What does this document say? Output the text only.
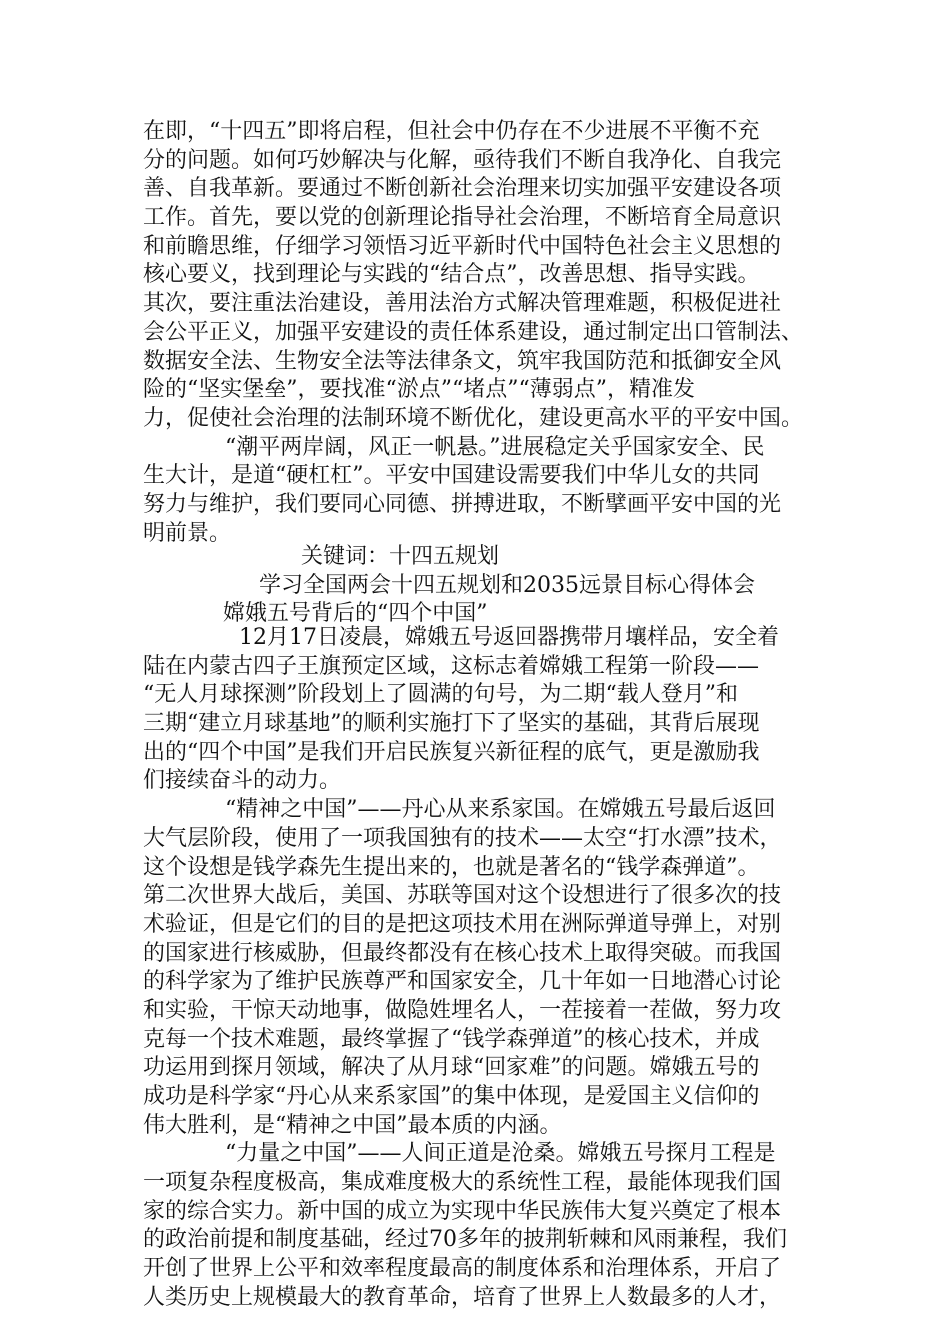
在即，“十四五”即将启程，但社会中仍存在不少进展不平衡不充
分的问题。如何巧妙解决与化解，亟待我们不断自我净化、自我完
善、自我革新。要通过不断创新社会治理来切实加强平安建设各项
工作。首先，要以党的创新理论指导社会治理，不断培育全局意识
和前瞻思维，仔细学习领悟习近平新时代中国特色社会主义思想的
核心要义，找到理论与实践的“结合点”，改善思想、指导实践。
其次，要注重法治建设，善用法治方式解决管理难题，积极促进社
会公平正义，加强平安建设的责任体系建设，通过制定出口管制法、
数据安全法、生物安全法等法律条文，筑牢我国防范和抵御安全风
险的“坚实堡垒”，要找准“淤点”“堵点”“薄弱点”，精准发
力，促使社会治理的法制环境不断优化，建设更高水平的平安中国。
“潮平两岸阔，风正一帆悬。”进展稳定关乎国家安全、民
生大计，是道“硬杠杠”。平安中国建设需要我们中华儿女的共同
努力与维护，我们要同心同德、拼搏进取，不断擘画平安中国的光
明前景。
关键词：十四五规划
学习全国两会十四五规划和2035远景目标心得体会
嫦娥五号背后的“四个中国”
12月17日凌晨，嫦娥五号返回器携带月壤样品，安全着
陆在内蒙古四子王旗预定区域，这标志着嫦娥工程第一阶段——
“无人月球探测”阶段划上了圆满的句号，为二期“载人登月”和
三期“建立月球基地”的顺利实施打下了坚实的基础，其背后展现
出的“四个中国”是我们开启民族复兴新征程的底气，更是激励我
们接续奋斗的动力。
“精神之中国”——丹心从来系家国。在嫦娥五号最后返回
大气层阶段，使用了一项我国独有的技术——太空“打水漂”技术，
这个设想是钱学森先生提出来的，也就是著名的“钱学森弹道”。
第二次世界大战后，美国、苏联等国对这个设想进行了很多次的技
术验证，但是它们的目的是把这项技术用在洲际弹道导弹上，对别
的国家进行核威胁，但最终都没有在核心技术上取得突破。而我国
的科学家为了维护民族尊严和国家安全，几十年如一日地潜心讨论
和实验，干惊天动地事，做隐姓埋名人，一茬接着一茬做，努力攻
克每一个技术难题，最终掌握了“钱学森弹道”的核心技术，并成
功运用到探月领域，解决了从月球“回家难”的问题。嫦娥五号的
成功是科学家“丹心从来系家国”的集中体现，是爱国主义信仰的
伟大胜利，是“精神之中国”最本质的内涵。
“力量之中国”——人间正道是沧桑。嫦娥五号探月工程是
一项复杂程度极高，集成难度极大的系统性工程，最能体现我们国
家的综合实力。新中国的成立为实现中华民族伟大复兴奠定了根本
的政治前提和制度基础，经过70多年的披荆斩棘和风雨兼程，我们
开创了世界上公平和效率程度最高的制度体系和治理体系，开启了
人类历史上规模最大的教育革命，培育了世界上人数最多的人才，
